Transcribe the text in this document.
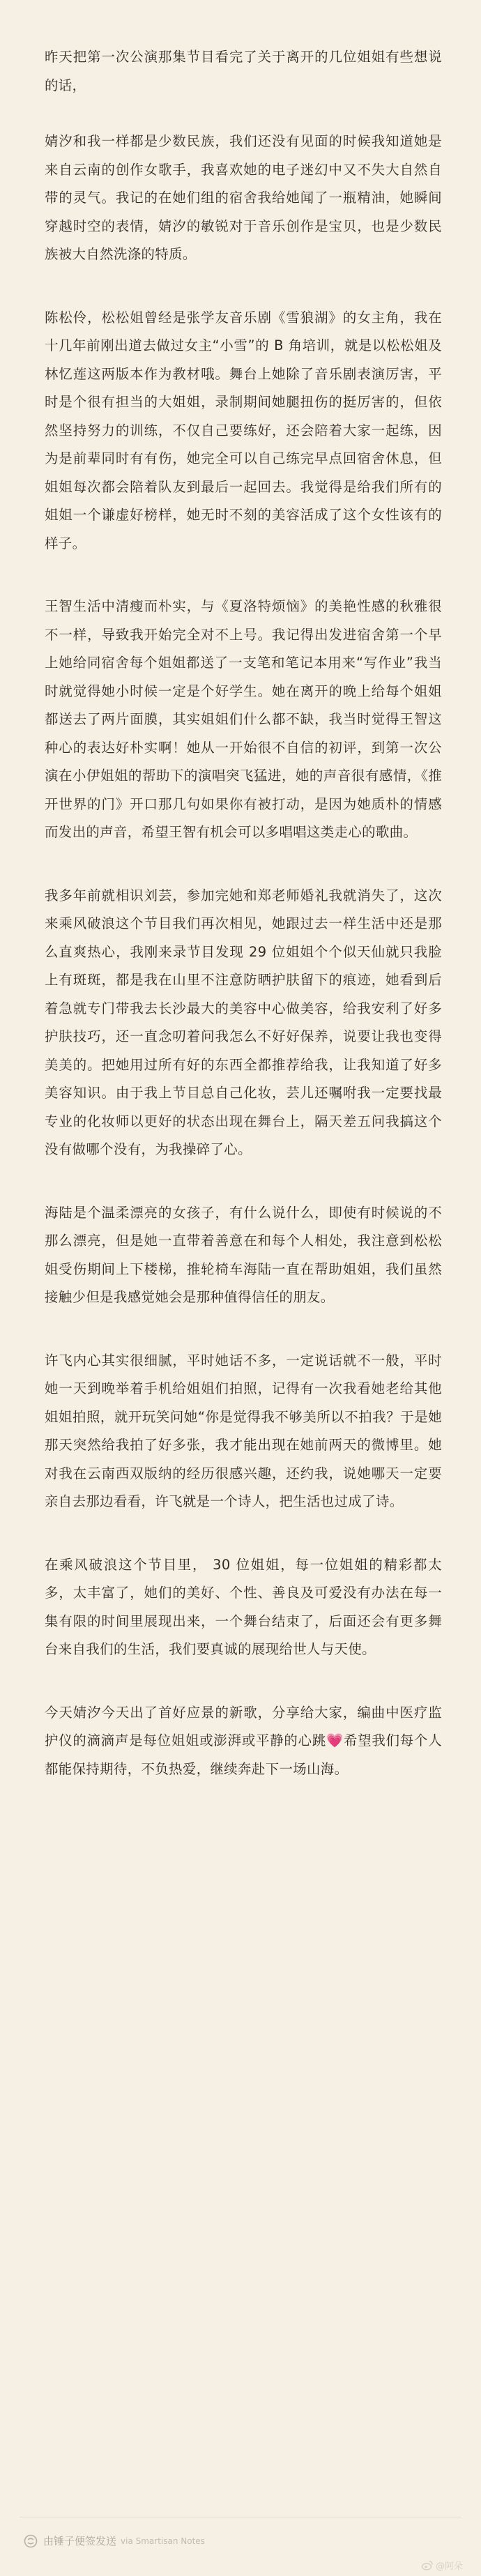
昨天把第一次公演那集节目看完了关于离开的几位姐姐有些想说的话，

婧汐和我一样都是少数民族，我们还没有见面的时候我知道她是来自云南的创作女歌手，我喜欢她的电子迷幻中又不失大自然自带的灵气。我记的在她们组的宿舍我给她闻了一瓶精油，她瞬间穿越时空的表情，婧汐的敏锐对于音乐创作是宝贝，也是少数民族被大自然洗涤的特质。

陈松伶，松松姐曾经是张学友音乐剧《雪狼湖》的女主角，我在十几年前刚出道去做过女主“小雪”的 B 角培训，就是以松松姐及林忆莲这两版本作为教材哦。舞台上她除了音乐剧表演厉害，平时是个很有担当的大姐姐，录制期间她腿扭伤的挺厉害的，但依然坚持努力的训练，不仅自己要练好，还会陪着大家一起练，因为是前辈同时有有伤，她完全可以自己练完早点回宿舍休息，但姐姐每次都会陪着队友到最后一起回去。我觉得是给我们所有的姐姐一个谦虚好榜样，她无时不刻的美容活成了这个女性该有的样子。

王智生活中清瘦而朴实，与《夏洛特烦恼》的美艳性感的秋雅很不一样，导致我开始完全对不上号。我记得出发进宿舍第一个早上她给同宿舍每个姐姐都送了一支笔和笔记本用来“写作业”我当时就觉得她小时候一定是个好学生。她在离开的晚上给每个姐姐都送去了两片面膜，其实姐姐们什么都不缺，我当时觉得王智这种心的表达好朴实啊！她从一开始很不自信的初评，到第一次公演在小伊姐姐的帮助下的演唱突飞猛进，她的声音很有感情，《推开世界的门》开口那几句如果你有被打动，是因为她质朴的情感而发出的声音，希望王智有机会可以多唱唱这类走心的歌曲。

我多年前就相识刘芸，参加完她和郑老师婚礼我就消失了，这次来乘风破浪这个节目我们再次相见，她跟过去一样生活中还是那么直爽热心，我刚来录节目发现 29 位姐姐个个似天仙就只我脸上有斑斑，都是我在山里不注意防晒护肤留下的痕迹，她看到后着急就专门带我去长沙最大的美容中心做美容，给我安利了好多护肤技巧，还一直念叨着问我怎么不好好保养，说要让我也变得美美的。把她用过所有好的东西全都推荐给我，让我知道了好多美容知识。由于我上节目总自己化妆，芸儿还嘱咐我一定要找最专业的化妆师以更好的状态出现在舞台上，隔天差五问我搞这个没有做哪个没有，为我操碎了心。

海陆是个温柔漂亮的女孩子，有什么说什么，即使有时候说的不那么漂亮，但是她一直带着善意在和每个人相处，我注意到松松姐受伤期间上下楼梯，推轮椅车海陆一直在帮助姐姐，我们虽然接触少但是我感觉她会是那种值得信任的朋友。

许飞内心其实很细腻，平时她话不多，一定说话就不一般，平时她一天到晚举着手机给姐姐们拍照，记得有一次我看她老给其他姐姐拍照，就开玩笑问她“你是觉得我不够美所以不拍我？于是她那天突然给我拍了好多张，我才能出现在她前两天的微博里。她对我在云南西双版纳的经历很感兴趣，还约我，说她哪天一定要亲自去那边看看，许飞就是一个诗人，把生活也过成了诗。

在乘风破浪这个节目里， 30 位姐姐，每一位姐姐的精彩都太多，太丰富了，她们的美好、个性、善良及可爱没有办法在每一集有限的时间里展现出来，一个舞台结束了，后面还会有更多舞台来自我们的生活，我们要真诚的展现给世人与天使。

今天婧汐今天出了首好应景的新歌，分享给大家，编曲中医疗监护仪的滴滴声是每位姐姐或澎湃或平静的心跳💗希望我们每个人都能保持期待，不负热爱，继续奔赴下一场山海。

由锤子便签发送 via Smartisan Notes
@阿朵
